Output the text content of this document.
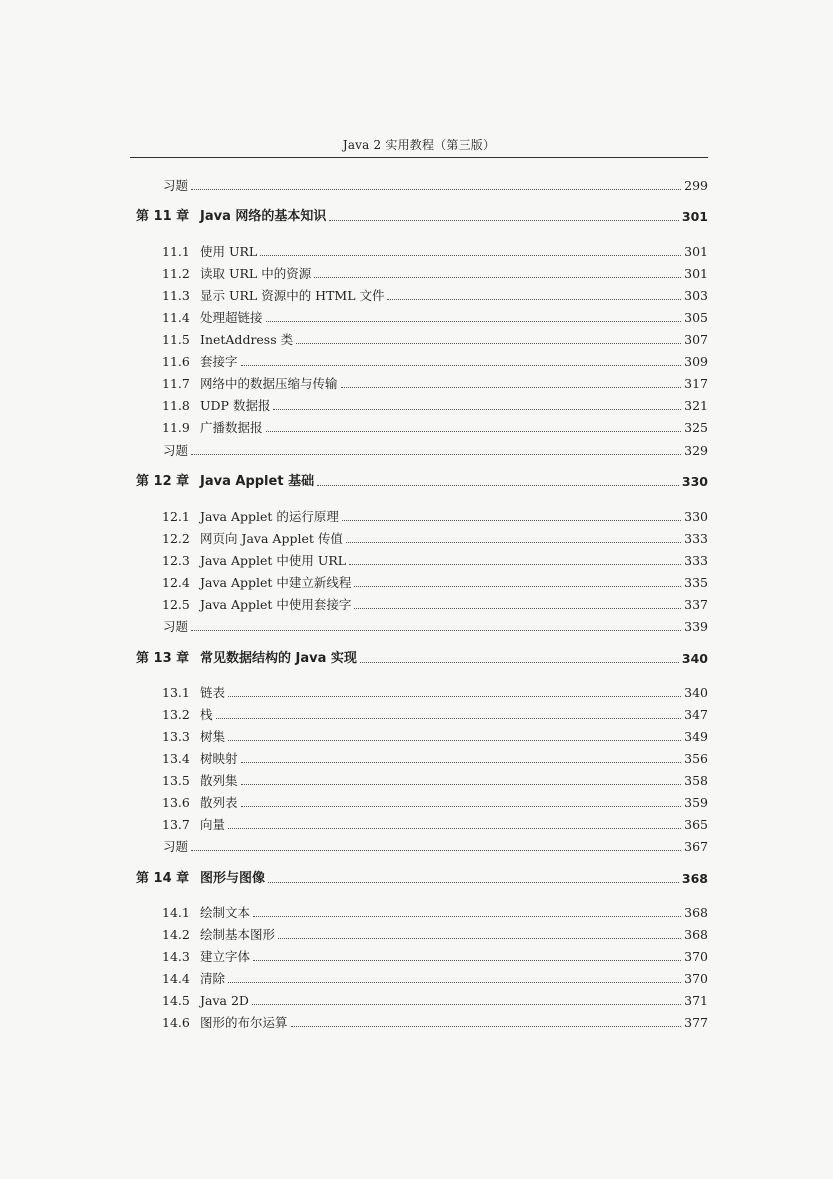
Java 2 实用教程（第三版）
习题	299
第 11 章 Java 网络的基本知识	301
11.1 使用 URL	301
11.2 读取 URL 中的资源	301
11.3 显示 URL 资源中的 HTML 文件	303
11.4 处理超链接	305
11.5 InetAddress 类	307
11.6 套接字	309
11.7 网络中的数据压缩与传输	317
11.8 UDP 数据报	321
11.9 广播数据报	325
习题	329
第 12 章 Java Applet 基础	330
12.1 Java Applet 的运行原理	330
12.2 网页向 Java Applet 传值	333
12.3 Java Applet 中使用 URL	333
12.4 Java Applet 中建立新线程	335
12.5 Java Applet 中使用套接字	337
习题	339
第 13 章 常见数据结构的 Java 实现	340
13.1 链表	340
13.2 栈	347
13.3 树集	349
13.4 树映射	356
13.5 散列集	358
13.6 散列表	359
13.7 向量	365
习题	367
第 14 章 图形与图像	368
14.1 绘制文本	368
14.2 绘制基本图形	368
14.3 建立字体	370
14.4 清除	370
14.5 Java 2D	371
14.6 图形的布尔运算	377
